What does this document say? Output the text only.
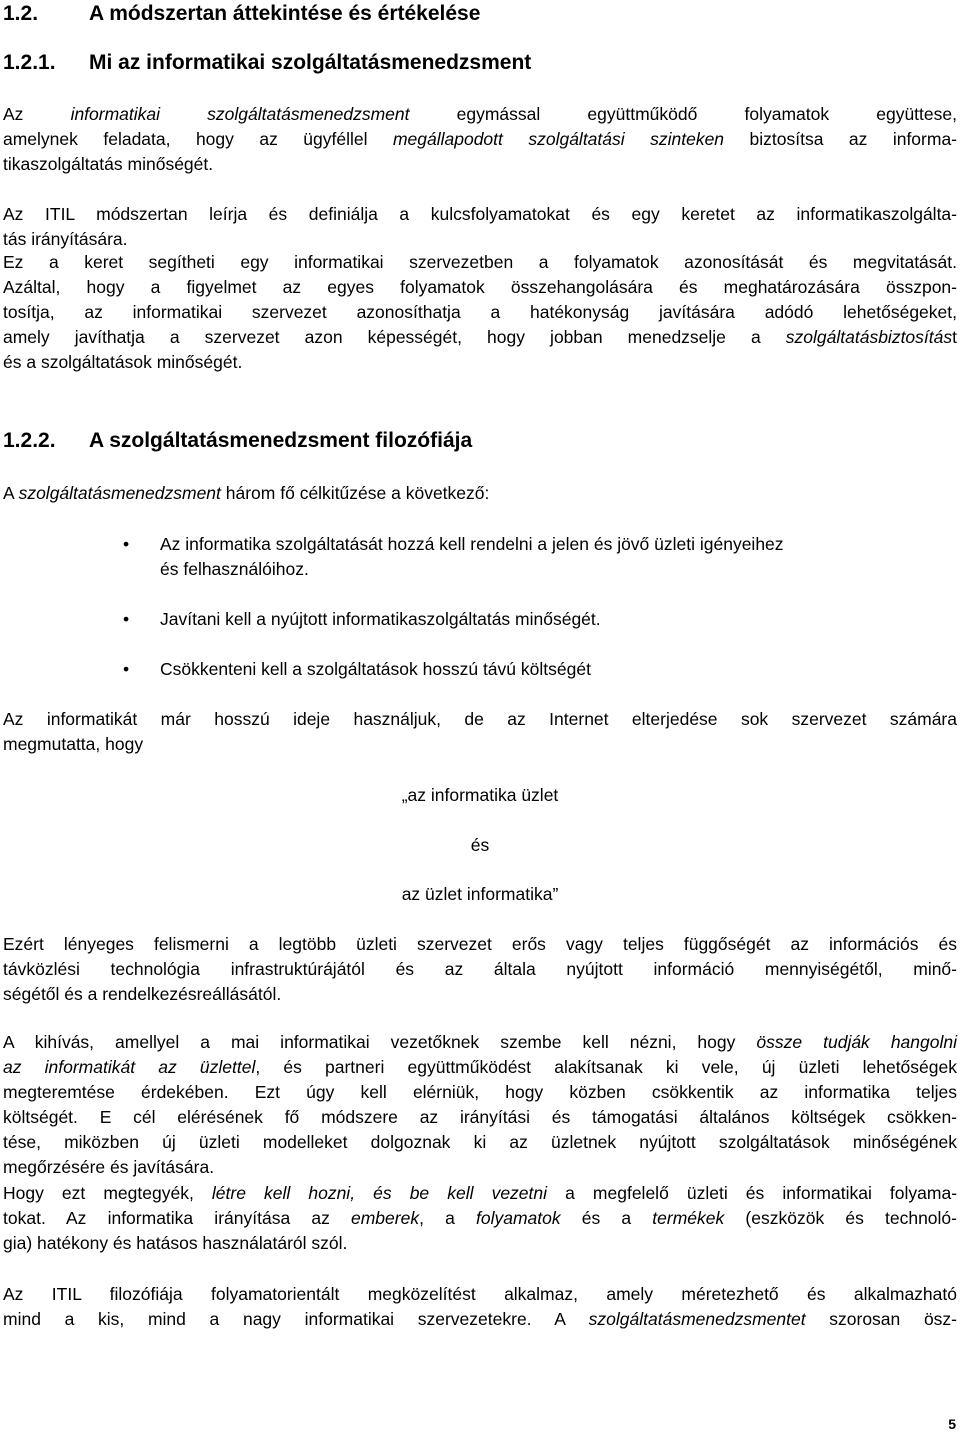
1.2. A módszertan áttekintése és értékelése
1.2.1. Mi az informatikai szolgáltatásmenedzsment
Az informatikai szolgáltatásmenedzsment egymással együttműködő folyamatok együttese,
amelynek feladata, hogy az ügyféllel megállapodott szolgáltatási szinteken biztosítsa az informa-
tikaszolgáltatás minőségét.
Az ITIL módszertan leírja és definiálja a kulcsfolyamatokat és egy keretet az informatikaszolgálta-
tás irányítására.
Ez a keret segítheti egy informatikai szervezetben a folyamatok azonosítását és megvitatását.
Azáltal, hogy a figyelmet az egyes folyamatok összehangolására és meghatározására összpon-
tosítja, az informatikai szervezet azonosíthatja a hatékonyság javítására adódó lehetőségeket,
amely javíthatja a szervezet azon képességét, hogy jobban menedzselje a szolgáltatásbiztosítást
és a szolgáltatások minőségét.
1.2.2. A szolgáltatásmenedzsment filozófiája
A szolgáltatásmenedzsment három fő célkitűzése a következő:
• Az informatika szolgáltatását hozzá kell rendelni a jelen és jövő üzleti igényeihez
és felhasználóihoz.
• Javítani kell a nyújtott informatikaszolgáltatás minőségét.
• Csökkenteni kell a szolgáltatások hosszú távú költségét
Az informatikát már hosszú ideje használjuk, de az Internet elterjedése sok szervezet számára
megmutatta, hogy
„az informatika üzlet
és
az üzlet informatika”
Ezért lényeges felismerni a legtöbb üzleti szervezet erős vagy teljes függőségét az információs és
távközlési technológia infrastruktúrájától és az általa nyújtott információ mennyiségétől, minő-
ségétől és a rendelkezésreállásától.
A kihívás, amellyel a mai informatikai vezetőknek szembe kell nézni, hogy össze tudják hangolni
az informatikát az üzlettel, és partneri együttműködést alakítsanak ki vele, új üzleti lehetőségek
megteremtése érdekében. Ezt úgy kell elérniük, hogy közben csökkentik az informatika teljes
költségét. E cél elérésének fő módszere az irányítási és támogatási általános költségek csökken-
tése, miközben új üzleti modelleket dolgoznak ki az üzletnek nyújtott szolgáltatások minőségének
megőrzésére és javítására.
Hogy ezt megtegyék, létre kell hozni, és be kell vezetni a megfelelő üzleti és informatikai folyama-
tokat. Az informatika irányítása az emberek, a folyamatok és a termékek (eszközök és technoló-
gia) hatékony és hatásos használatáról szól.
Az ITIL filozófiája folyamatorientált megközelítést alkalmaz, amely méretezhető és alkalmazható
mind a kis, mind a nagy informatikai szervezetekre. A szolgáltatásmenedzsmentet szorosan ösz-
5
